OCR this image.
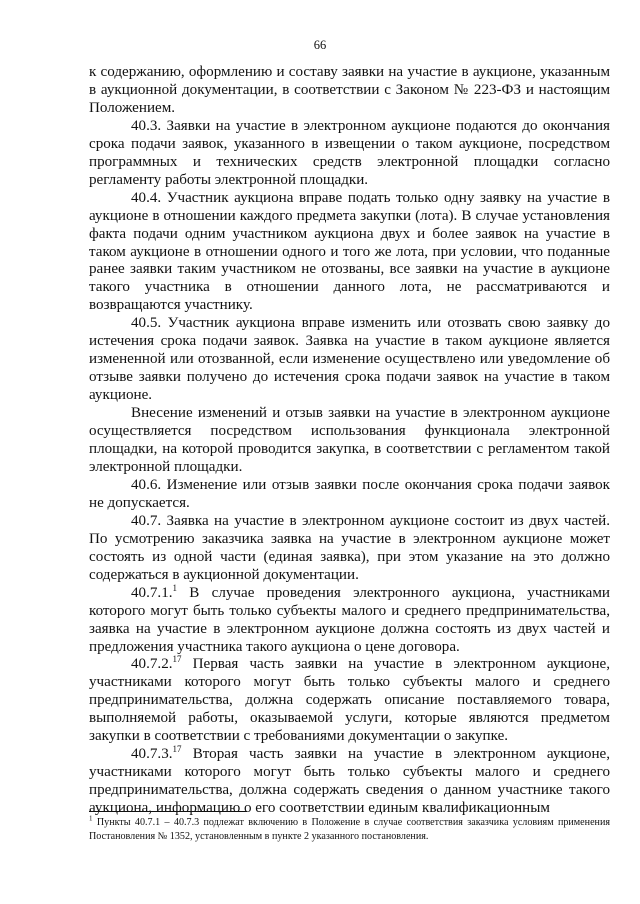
66

к содержанию, оформлению и составу заявки на участие в аукционе, указанным в аукционной документации, в соответствии с Законом № 223-ФЗ и настоящим Положением.

40.3. Заявки на участие в электронном аукционе подаются до окончания срока подачи заявок, указанного в извещении о таком аукционе, посредством программных и технических средств электронной площадки согласно регламенту работы электронной площадки.

40.4. Участник аукциона вправе подать только одну заявку на участие в аукционе в отношении каждого предмета закупки (лота). В случае установления факта подачи одним участником аукциона двух и более заявок на участие в таком аукционе в отношении одного и того же лота, при условии, что поданные ранее заявки таким участником не отозваны, все заявки на участие в аукционе такого участника в отношении данного лота, не рассматриваются и возвращаются участнику.

40.5. Участник аукциона вправе изменить или отозвать свою заявку до истечения срока подачи заявок. Заявка на участие в таком аукционе является измененной или отозванной, если изменение осуществлено или уведомление об отзыве заявки получено до истечения срока подачи заявок на участие в таком аукционе.

Внесение изменений и отзыв заявки на участие в электронном аукционе осуществляется посредством использования функционала электронной площадки, на которой проводится закупка, в соответствии с регламентом такой электронной площадки.

40.6. Изменение или отзыв заявки после окончания срока подачи заявок не допускается.

40.7. Заявка на участие в электронном аукционе состоит из двух частей. По усмотрению заказчика заявка на участие в электронном аукционе может состоять из одной части (единая заявка), при этом указание на это должно содержаться в аукционной документации.

40.7.1.$^1$ В случае проведения электронного аукциона, участниками которого могут быть только субъекты малого и среднего предпринимательства, заявка на участие в электронном аукционе должна состоять из двух частей и предложения участника такого аукциона о цене договора.

40.7.2.17 Первая часть заявки на участие в электронном аукционе, участниками которого могут быть только субъекты малого и среднего предпринимательства, должна содержать описание поставляемого товара, выполняемой работы, оказываемой услуги, которые являются предметом закупки в соответствии с требованиями документации о закупке.

40.7.3.17 Вторая часть заявки на участие в электронном аукционе, участниками которого могут быть только субъекты малого и среднего предпринимательства, должна содержать сведения о данном участнике такого аукциона, информацию о его соответствии единым квалификационным

$^1$ Пункты 40.7.1 – 40.7.3 подлежат включению в Положение в случае соответствия заказчика условиям применения Постановления № 1352, установленным в пункте 2 указанного постановления.
